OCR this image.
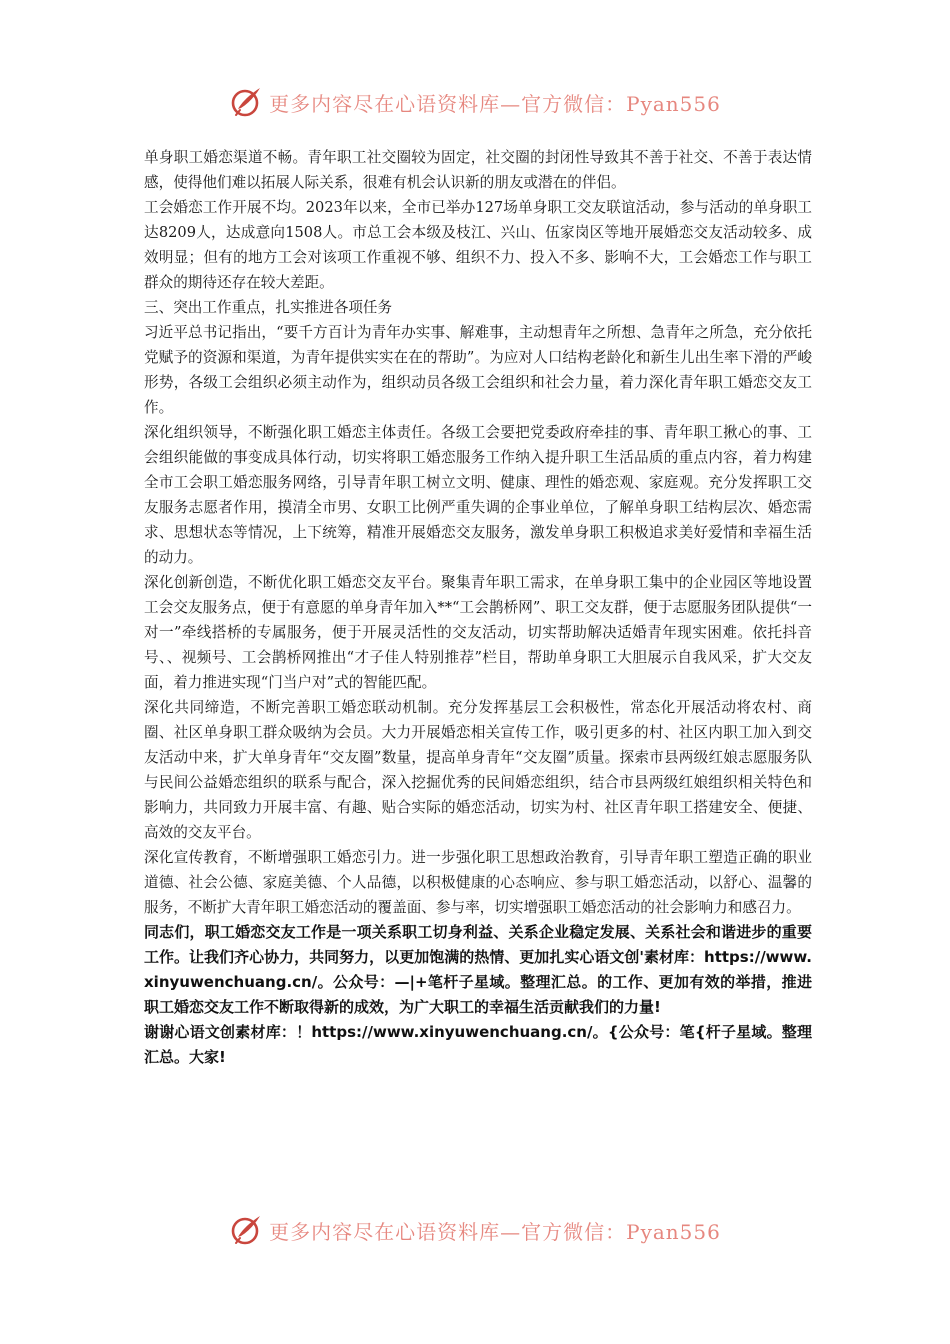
更多内容尽在心语资料库—官方微信：Pyan556

单身职工婚恋渠道不畅。青年职工社交圈较为固定，社交圈的封闭性导致其不善于社交、不善于表达情感，使得他们难以拓展人际关系，很难有机会认识新的朋友或潜在的伴侣。

工会婚恋工作开展不均。2023年以来，全市已举办127场单身职工交友联谊活动，参与活动的单身职工达8209人，达成意向1508人。市总工会本级及枝江、兴山、伍家岗区等地开展婚恋交友活动较多、成效明显；但有的地方工会对该项工作重视不够、组织不力、投入不多、影响不大，工会婚恋工作与职工群众的期待还存在较大差距。

三、突出工作重点，扎实推进各项任务

习近平总书记指出，“要千方百计为青年办实事、解难事，主动想青年之所想、急青年之所急，充分依托党赋予的资源和渠道，为青年提供实实在在的帮助”。为应对人口结构老龄化和新生儿出生率下滑的严峻形势，各级工会组织必须主动作为，组织动员各级工会组织和社会力量，着力深化青年职工婚恋交友工作。

深化组织领导，不断强化职工婚恋主体责任。各级工会要把党委政府牵挂的事、青年职工揪心的事、工会组织能做的事变成具体行动，切实将职工婚恋服务工作纳入提升职工生活品质的重点内容，着力构建全市工会职工婚恋服务网络，引导青年职工树立文明、健康、理性的婚恋观、家庭观。充分发挥职工交友服务志愿者作用，摸清全市男、女职工比例严重失调的企事业单位，了解单身职工结构层次、婚恋需求、思想状态等情况，上下统筹，精准开展婚恋交友服务，激发单身职工积极追求美好爱情和幸福生活的动力。

深化创新创造，不断优化职工婚恋交友平台。聚集青年职工需求，在单身职工集中的企业园区等地设置工会交友服务点，便于有意愿的单身青年加入**“工会鹊桥网”、职工交友群，便于志愿服务团队提供“一对一”牵线搭桥的专属服务，便于开展灵活性的交友活动，切实帮助解决适婚青年现实困难。依托抖音号、、视频号、工会鹊桥网推出“才子佳人特别推荐”栏目，帮助单身职工大胆展示自我风采，扩大交友面，着力推进实现“门当户对”式的智能匹配。

深化共同缔造，不断完善职工婚恋联动机制。充分发挥基层工会积极性，常态化开展活动将农村、商圈、社区单身职工群众吸纳为会员。大力开展婚恋相关宣传工作，吸引更多的村、社区内职工加入到交友活动中来，扩大单身青年“交友圈”数量，提高单身青年“交友圈”质量。探索市县两级红娘志愿服务队与民间公益婚恋组织的联系与配合，深入挖掘优秀的民间婚恋组织，结合市县两级红娘组织相关特色和影响力，共同致力开展丰富、有趣、贴合实际的婚恋活动，切实为村、社区青年职工搭建安全、便捷、高效的交友平台。

深化宣传教育，不断增强职工婚恋引力。进一步强化职工思想政治教育，引导青年职工塑造正确的职业道德、社会公德、家庭美德、个人品德，以积极健康的心态响应、参与职工婚恋活动，以舒心、温馨的服务，不断扩大青年职工婚恋活动的覆盖面、参与率，切实增强职工婚恋活动的社会影响力和感召力。

同志们，职工婚恋交友工作是一项关系职工切身利益、关系企业稳定发展、关系社会和谐进步的重要工作。让我们齐心协力，共同努力，以更加饱满的热情、更加扎实心语文创'素材库：https://www.xinyuwenchuang.cn/。公众号：—|+笔杆子星域。整理汇总。的工作、更加有效的举措，推进职工婚恋交友工作不断取得新的成效，为广大职工的幸福生活贡献我们的力量!

谢谢心语文创素材库：！https://www.xinyuwenchuang.cn/。{公众号：笔{杆子星域。整理汇总。大家!

更多内容尽在心语资料库—官方微信：Pyan556
